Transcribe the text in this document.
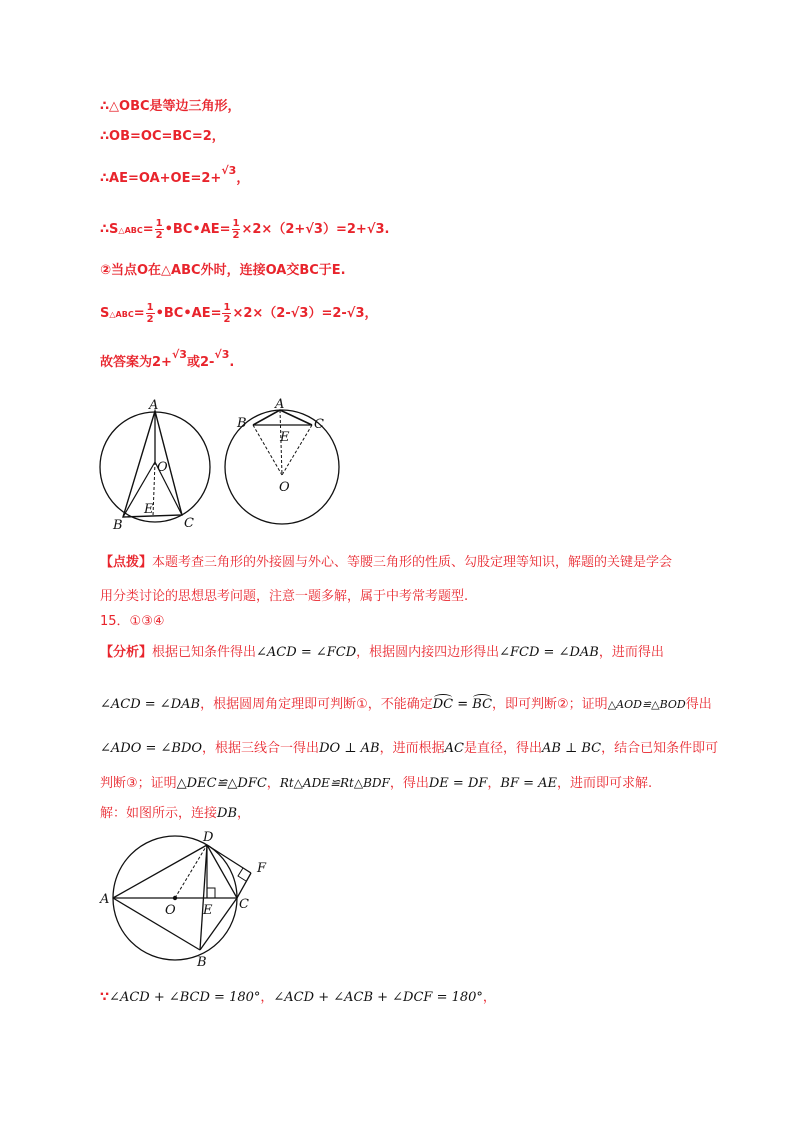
∴△OBC是等边三角形，
∴OB=OC=BC=2，
∴AE=OA+OE=2+√3，
∴S△ABC= $\frac{1}{2}$ •BC•AE= $\frac{1}{2} \times 2\times(2+√3)=2+√3$.
②当点O在△ABC外时，连接OA交BC于E.
S△ABC= $\frac{1}{2}$ •BC•AE= $\frac{1}{2} \times 2\times(2-√3)=2-√3$，
故答案为2+√3或2-√3.
A
O
E
B	C
A
B	C
E
O
【点拨】本题考查三角形的外接圆与外心、等腰三角形的性质、勾股定理等知识，解题的关键是学会
用分类讨论的思想思考问题，注意一题多解，属于中考常考题型.
15．①③④
【分析】根据已知条件得出∠ACD = ∠FCD，根据圆内接四边形得出∠FCD = ∠DAB，进而得出
∠ACD = ∠DAB，根据圆周角定理即可判断①，不能确定DC = BC，即可判断②；证明△AOD≌△BOD得出
∠ADO = ∠BDO，根据三线合一得出DO ⊥ AB，进而根据AC是直径，得出AB ⊥ BC，结合已知条件即可
判断③；证明△DEC≌△DFC，Rt△ADE≌Rt△BDF，得出DE = DF，BF = AE，进而即可求解.
解：如图所示，连接DB，
D
F
A
O E C
B
∵∠ACD + ∠BCD = 180°，∠ACD + ∠ACB + ∠DCF = 180°，
